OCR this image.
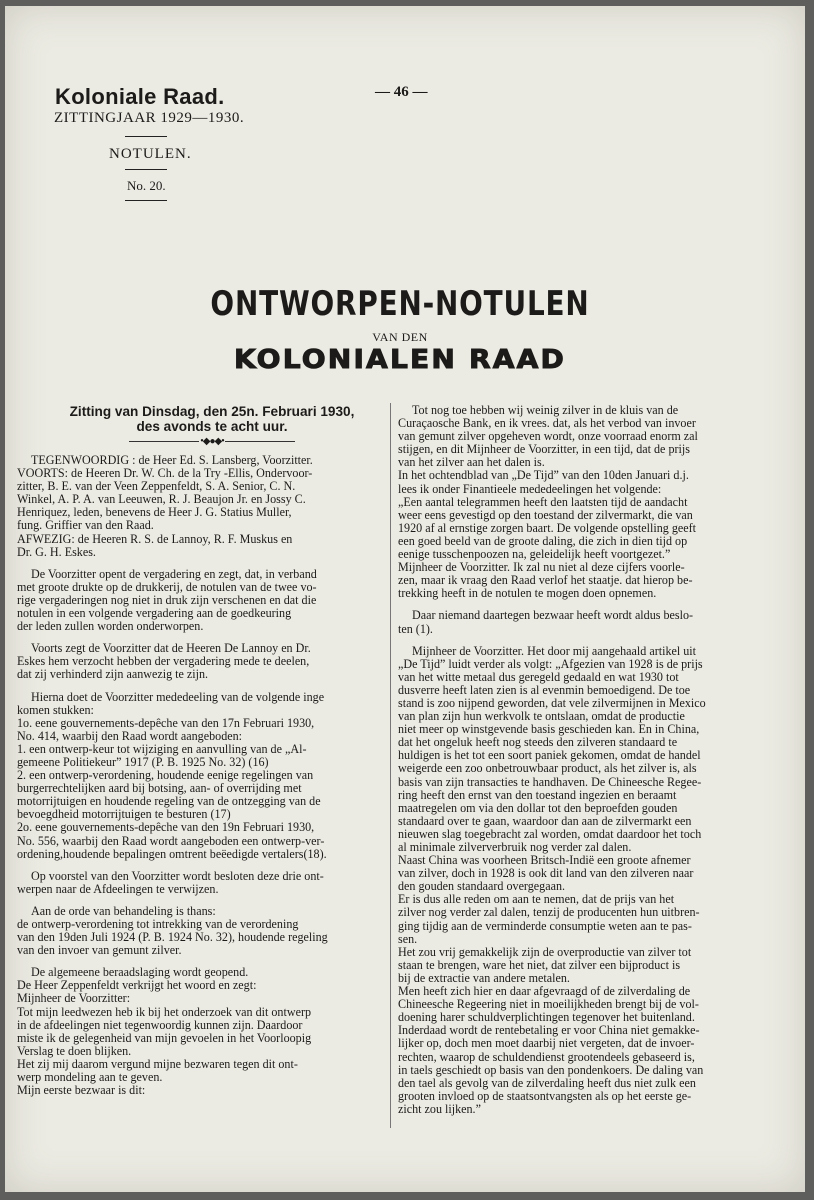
Koloniale Raad.
ZITTINGJAAR 1929—1930.
— 46 —
NOTULEN.
No. 20.
ONTWORPEN-NOTULEN
VAN DEN
KOLONIALEN RAAD
Zitting van Dinsdag, den 25n. Februari 1930,
des avonds te acht uur.
•◆●◆•
TEGENWOORDIG : de Heer Ed. S. Lansberg, Voorzitter.
VOORTS: de Heeren Dr. W. Ch. de la Try -Ellis, Ondervoor-
zitter, B. E. van der Veen Zeppenfeldt, S. A. Senior, C. N.
Winkel, A. P. A. van Leeuwen, R. J. Beaujon Jr. en Jossy C.
Henriquez, leden, benevens de Heer J. G. Statius Muller,
fung. Griffier van den Raad.
AFWEZIG: de Heeren R. S. de Lannoy, R. F. Muskus en
Dr. G. H. Eskes.
De Voorzitter opent de vergadering en zegt, dat, in verband
met groote drukte op de drukkerij, de notulen van de twee vo-
rige vergaderingen nog niet in druk zijn verschenen en dat die
notulen in een volgende vergadering aan de goedkeuring
der leden zullen worden onderworpen.
Voorts zegt de Voorzitter dat de Heeren De Lannoy en Dr.
Eskes hem verzocht hebben der vergadering mede te deelen,
dat zij verhinderd zijn aanwezig te zijn.
Hierna doet de Voorzitter mededeeling van de volgende inge
komen stukken:
1o. eene gouvernements-depêche van den 17n Februari 1930,
No. 414, waarbij den Raad wordt aangeboden:
1. een ontwerp-keur tot wijziging en aanvulling van de „Al-
gemeene Politiekeur” 1917 (P. B. 1925 No. 32) (16)
2. een ontwerp-verordening, houdende eenige regelingen van
burgerrechtelijken aard bij botsing, aan- of overrijding met
motorrijtuigen en houdende regeling van de ontzegging van de
bevoegdheid motorrijtuigen te besturen (17)
2o. eene gouvernements-depêche van den 19n Februari 1930,
No. 556, waarbij den Raad wordt aangeboden een ontwerp-ver-
ordening,houdende bepalingen omtrent beëedigde vertalers(18).
Op voorstel van den Voorzitter wordt besloten deze drie ont-
werpen naar de Afdeelingen te verwijzen.
Aan de orde van behandeling is thans:
de ontwerp-verordening tot intrekking van de verordening
van den 19den Juli 1924 (P. B. 1924 No. 32), houdende regeling
van den invoer van gemunt zilver.
De algemeene beraadslaging wordt geopend.
De Heer Zeppenfeldt verkrijgt het woord en zegt:
Mijnheer de Voorzitter:
Tot mijn leedwezen heb ik bij het onderzoek van dit ontwerp
in de afdeelingen niet tegenwoordig kunnen zijn. Daardoor
miste ik de gelegenheid van mijn gevoelen in het Voorloopig
Verslag te doen blijken.
Het zij mij daarom vergund mijne bezwaren tegen dit ont-
werp mondeling aan te geven.
Mijn eerste bezwaar is dit:
Tot nog toe hebben wij weinig zilver in de kluis van de
Curaçaosche Bank, en ik vrees. dat, als het verbod van invoer
van gemunt zilver opgeheven wordt, onze voorraad enorm zal
stijgen, en dit Mijnheer de Voorzitter, in een tijd, dat de prijs
van het zilver aan het dalen is.
In het ochtendblad van „De Tijd” van den 10den Januari d.j.
lees ik onder Finantieele mededeelingen het volgende:
„Een aantal telegrammen heeft den laatsten tijd de aandacht
weer eens gevestigd op den toestand der zilvermarkt, die van
1920 af al ernstige zorgen baart. De volgende opstelling geeft
een goed beeld van de groote daling, die zich in dien tijd op
eenige tusschenpoozen na, geleidelijk heeft voortgezet.”
Mijnheer de Voorzitter. Ik zal nu niet al deze cijfers voorle-
zen, maar ik vraag den Raad verlof het staatje. dat hierop be-
trekking heeft in de notulen te mogen doen opnemen.
Daar niemand daartegen bezwaar heeft wordt aldus beslo-
ten (1).
Mijnheer de Voorzitter. Het door mij aangehaald artikel uit
„De Tijd” luidt verder als volgt: „Afgezien van 1928 is de prijs
van het witte metaal dus geregeld gedaald en wat 1930 tot
dusverre heeft laten zien is al evenmin bemoedigend. De toe
stand is zoo nijpend geworden, dat vele zilvermijnen in Mexico
van plan zijn hun werkvolk te ontslaan, omdat de productie
niet meer op winstgevende basis geschieden kan. En in China,
dat het ongeluk heeft nog steeds den zilveren standaard te
huldigen is het tot een soort paniek gekomen, omdat de handel
weigerde een zoo onbetrouwbaar product, als het zilver is, als
basis van zijn transacties te handhaven. De Chineesche Regee-
ring heeft den ernst van den toestand ingezien en beraamt
maatregelen om via den dollar tot den beproefden gouden
standaard over te gaan, waardoor dan aan de zilvermarkt een
nieuwen slag toegebracht zal worden, omdat daardoor het toch
al minimale zilververbruik nog verder zal dalen.
Naast China was voorheen Britsch-Indië een groote afnemer
van zilver, doch in 1928 is ook dit land van den zilveren naar
den gouden standaard overgegaan.
Er is dus alle reden om aan te nemen, dat de prijs van het
zilver nog verder zal dalen, tenzij de producenten hun uitbren-
ging tijdig aan de verminderde consumptie weten aan te pas-
sen.
Het zou vrij gemakkelijk zijn de overproductie van zilver tot
staan te brengen, ware het niet, dat zilver een bijproduct is
bij de extractie van andere metalen.
Men heeft zich hier en daar afgevraagd of de zilverdaling de
Chineesche Regeering niet in moeilijkheden brengt bij de vol-
doening harer schuldverplichtingen tegenover het buitenland.
Inderdaad wordt de rentebetaling er voor China niet gemakke-
lijker op, doch men moet daarbij niet vergeten, dat de invoer-
rechten, waarop de schuldendienst grootendeels gebaseerd is,
in taels geschiedt op basis van den pondenkoers. De daling van
den tael als gevolg van de zilverdaling heeft dus niet zulk een
grooten invloed op de staatsontvangsten als op het eerste ge-
zicht zou lijken.”
